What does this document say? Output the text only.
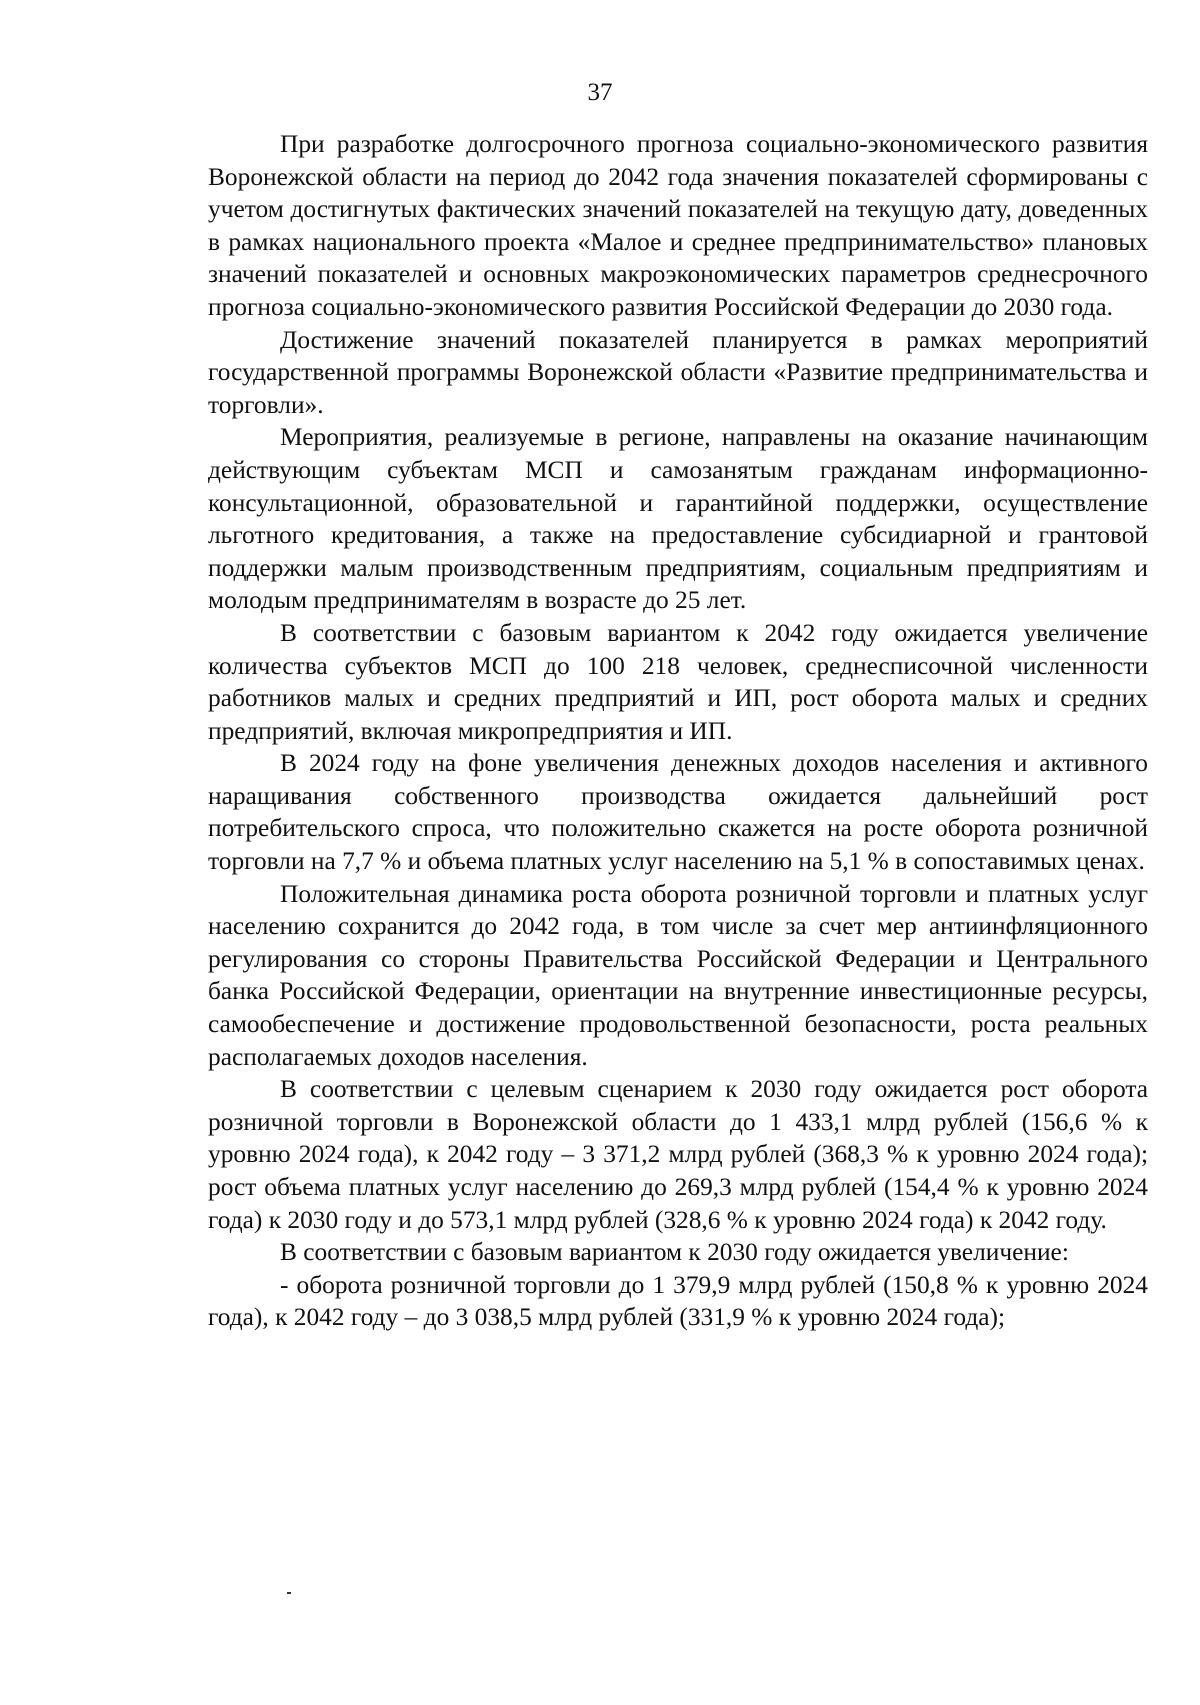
37

При разработке долгосрочного прогноза социально-экономического развития Воронежской области на период до 2042 года значения показателей сформированы с учетом достигнутых фактических значений показателей на текущую дату, доведенных в рамках национального проекта «Малое и среднее предпринимательство» плановых значений показателей и основных макроэкономических параметров среднесрочного прогноза социально-экономического развития Российской Федерации до 2030 года.

Достижение значений показателей планируется в рамках мероприятий государственной программы Воронежской области «Развитие предпринимательства и торговли».

Мероприятия, реализуемые в регионе, направлены на оказание начинающим действующим субъектам МСП и самозанятым гражданам информационно-консультационной, образовательной и гарантийной поддержки, осуществление льготного кредитования, а также на предоставление субсидиарной и грантовой поддержки малым производственным предприятиям, социальным предприятиям и молодым предпринимателям в возрасте до 25 лет.

В соответствии с базовым вариантом к 2042 году ожидается увеличение количества субъектов МСП до 100 218 человек, среднесписочной численности работников малых и средних предприятий и ИП, рост оборота малых и средних предприятий, включая микропредприятия и ИП.

В 2024 году на фоне увеличения денежных доходов населения и активного наращивания собственного производства ожидается дальнейший рост потребительского спроса, что положительно скажется на росте оборота розничной торговли на 7,7 % и объема платных услуг населению на 5,1 % в сопоставимых ценах.

Положительная динамика роста оборота розничной торговли и платных услуг населению сохранится до 2042 года, в том числе за счет мер антиинфляционного регулирования со стороны Правительства Российской Федерации и Центрального банка Российской Федерации, ориентации на внутренние инвестиционные ресурсы, самообеспечение и достижение продовольственной безопасности, роста реальных располагаемых доходов населения.

В соответствии с целевым сценарием к 2030 году ожидается рост оборота розничной торговли в Воронежской области до 1 433,1 млрд рублей (156,6 % к уровню 2024 года), к 2042 году – 3 371,2 млрд рублей (368,3 % к уровню 2024 года); рост объема платных услуг населению до 269,3 млрд рублей (154,4 % к уровню 2024 года) к 2030 году и до 573,1 млрд рублей (328,6 % к уровню 2024 года) к 2042 году.

В соответствии с базовым вариантом к 2030 году ожидается увеличение:

- оборота розничной торговли до 1 379,9 млрд рублей (150,8 % к уровню 2024 года), к 2042 году – до 3 038,5 млрд рублей (331,9 % к уровню 2024 года);
